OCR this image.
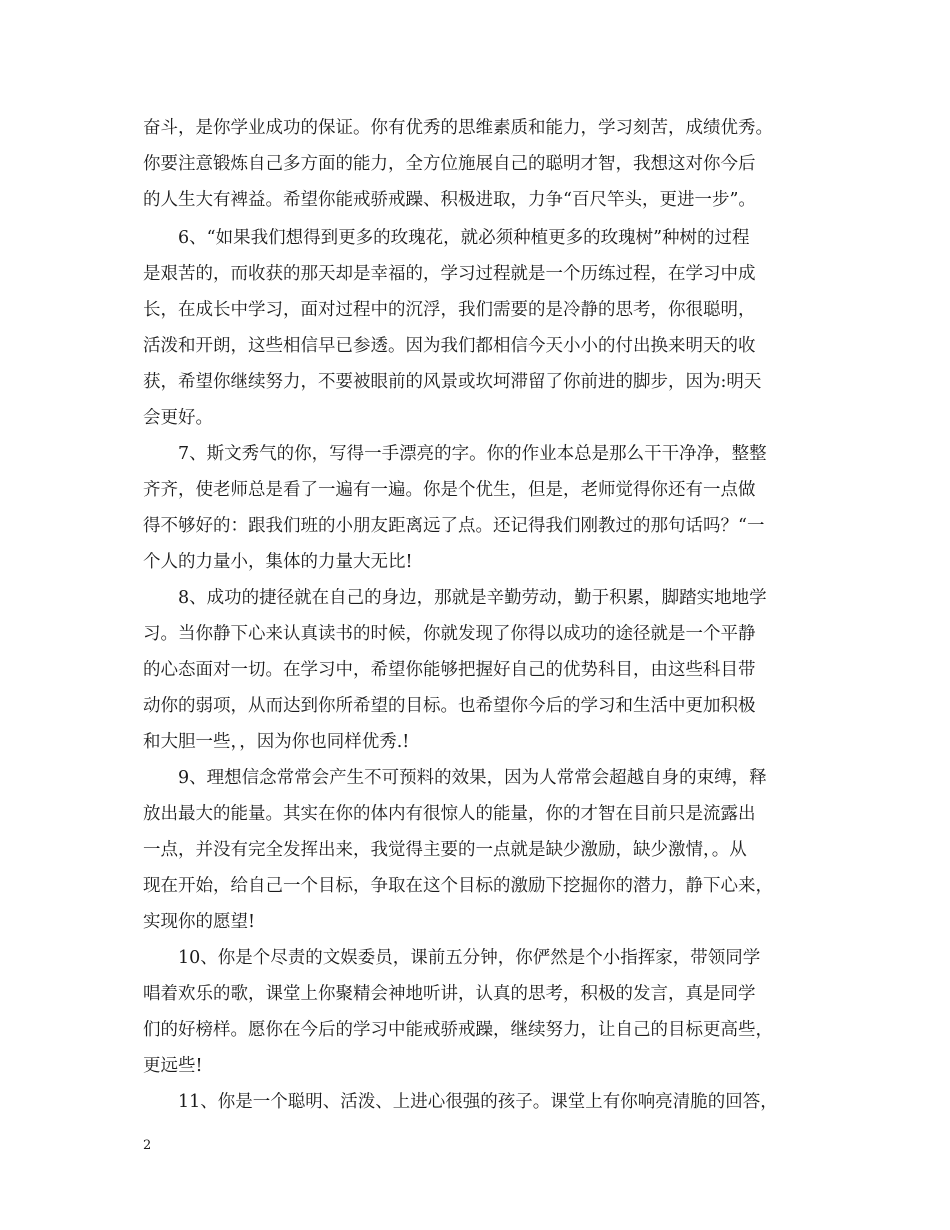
奋斗，是你学业成功的保证。你有优秀的思维素质和能力，学习刻苦，成绩优秀。
你要注意锻炼自己多方面的能力，全方位施展自己的聪明才智，我想这对你今后
的人生大有裨益。希望你能戒骄戒躁、积极进取，力争“百尺竿头，更进一步”。
6、“如果我们想得到更多的玫瑰花，就必须种植更多的玫瑰树”种树的过程
是艰苦的，而收获的那天却是幸福的，学习过程就是一个历练过程，在学习中成
长，在成长中学习，面对过程中的沉浮，我们需要的是冷静的思考，你很聪明，
活泼和开朗，这些相信早已参透。因为我们都相信今天小小的付出换来明天的收
获，希望你继续努力，不要被眼前的风景或坎坷滞留了你前进的脚步，因为:明天
会更好。
7、斯文秀气的你，写得一手漂亮的字。你的作业本总是那么干干净净，整整
齐齐，使老师总是看了一遍有一遍。你是个优生，但是，老师觉得你还有一点做
得不够好的：跟我们班的小朋友距离远了点。还记得我们刚教过的那句话吗？“一
个人的力量小，集体的力量大无比!
8、成功的捷径就在自己的身边，那就是辛勤劳动，勤于积累，脚踏实地地学
习。当你静下心来认真读书的时候，你就发现了你得以成功的途径就是一个平静
的心态面对一切。在学习中，希望你能够把握好自己的优势科目，由这些科目带
动你的弱项，从而达到你所希望的目标。也希望你今后的学习和生活中更加积极
和大胆一些，，因为你也同样优秀.!
9、理想信念常常会产生不可预料的效果，因为人常常会超越自身的束缚，释
放出最大的能量。其实在你的体内有很惊人的能量，你的才智在目前只是流露出
一点，并没有完全发挥出来，我觉得主要的一点就是缺少激励，缺少激情，。从
现在开始，给自己一个目标，争取在这个目标的激励下挖掘你的潜力，静下心来，
实现你的愿望!
10、你是个尽责的文娱委员，课前五分钟，你俨然是个小指挥家，带领同学
唱着欢乐的歌，课堂上你聚精会神地听讲，认真的思考，积极的发言，真是同学
们的好榜样。愿你在今后的学习中能戒骄戒躁，继续努力，让自己的目标更高些，
更远些!
11、你是一个聪明、活泼、上进心很强的孩子。课堂上有你响亮清脆的回答，
2
